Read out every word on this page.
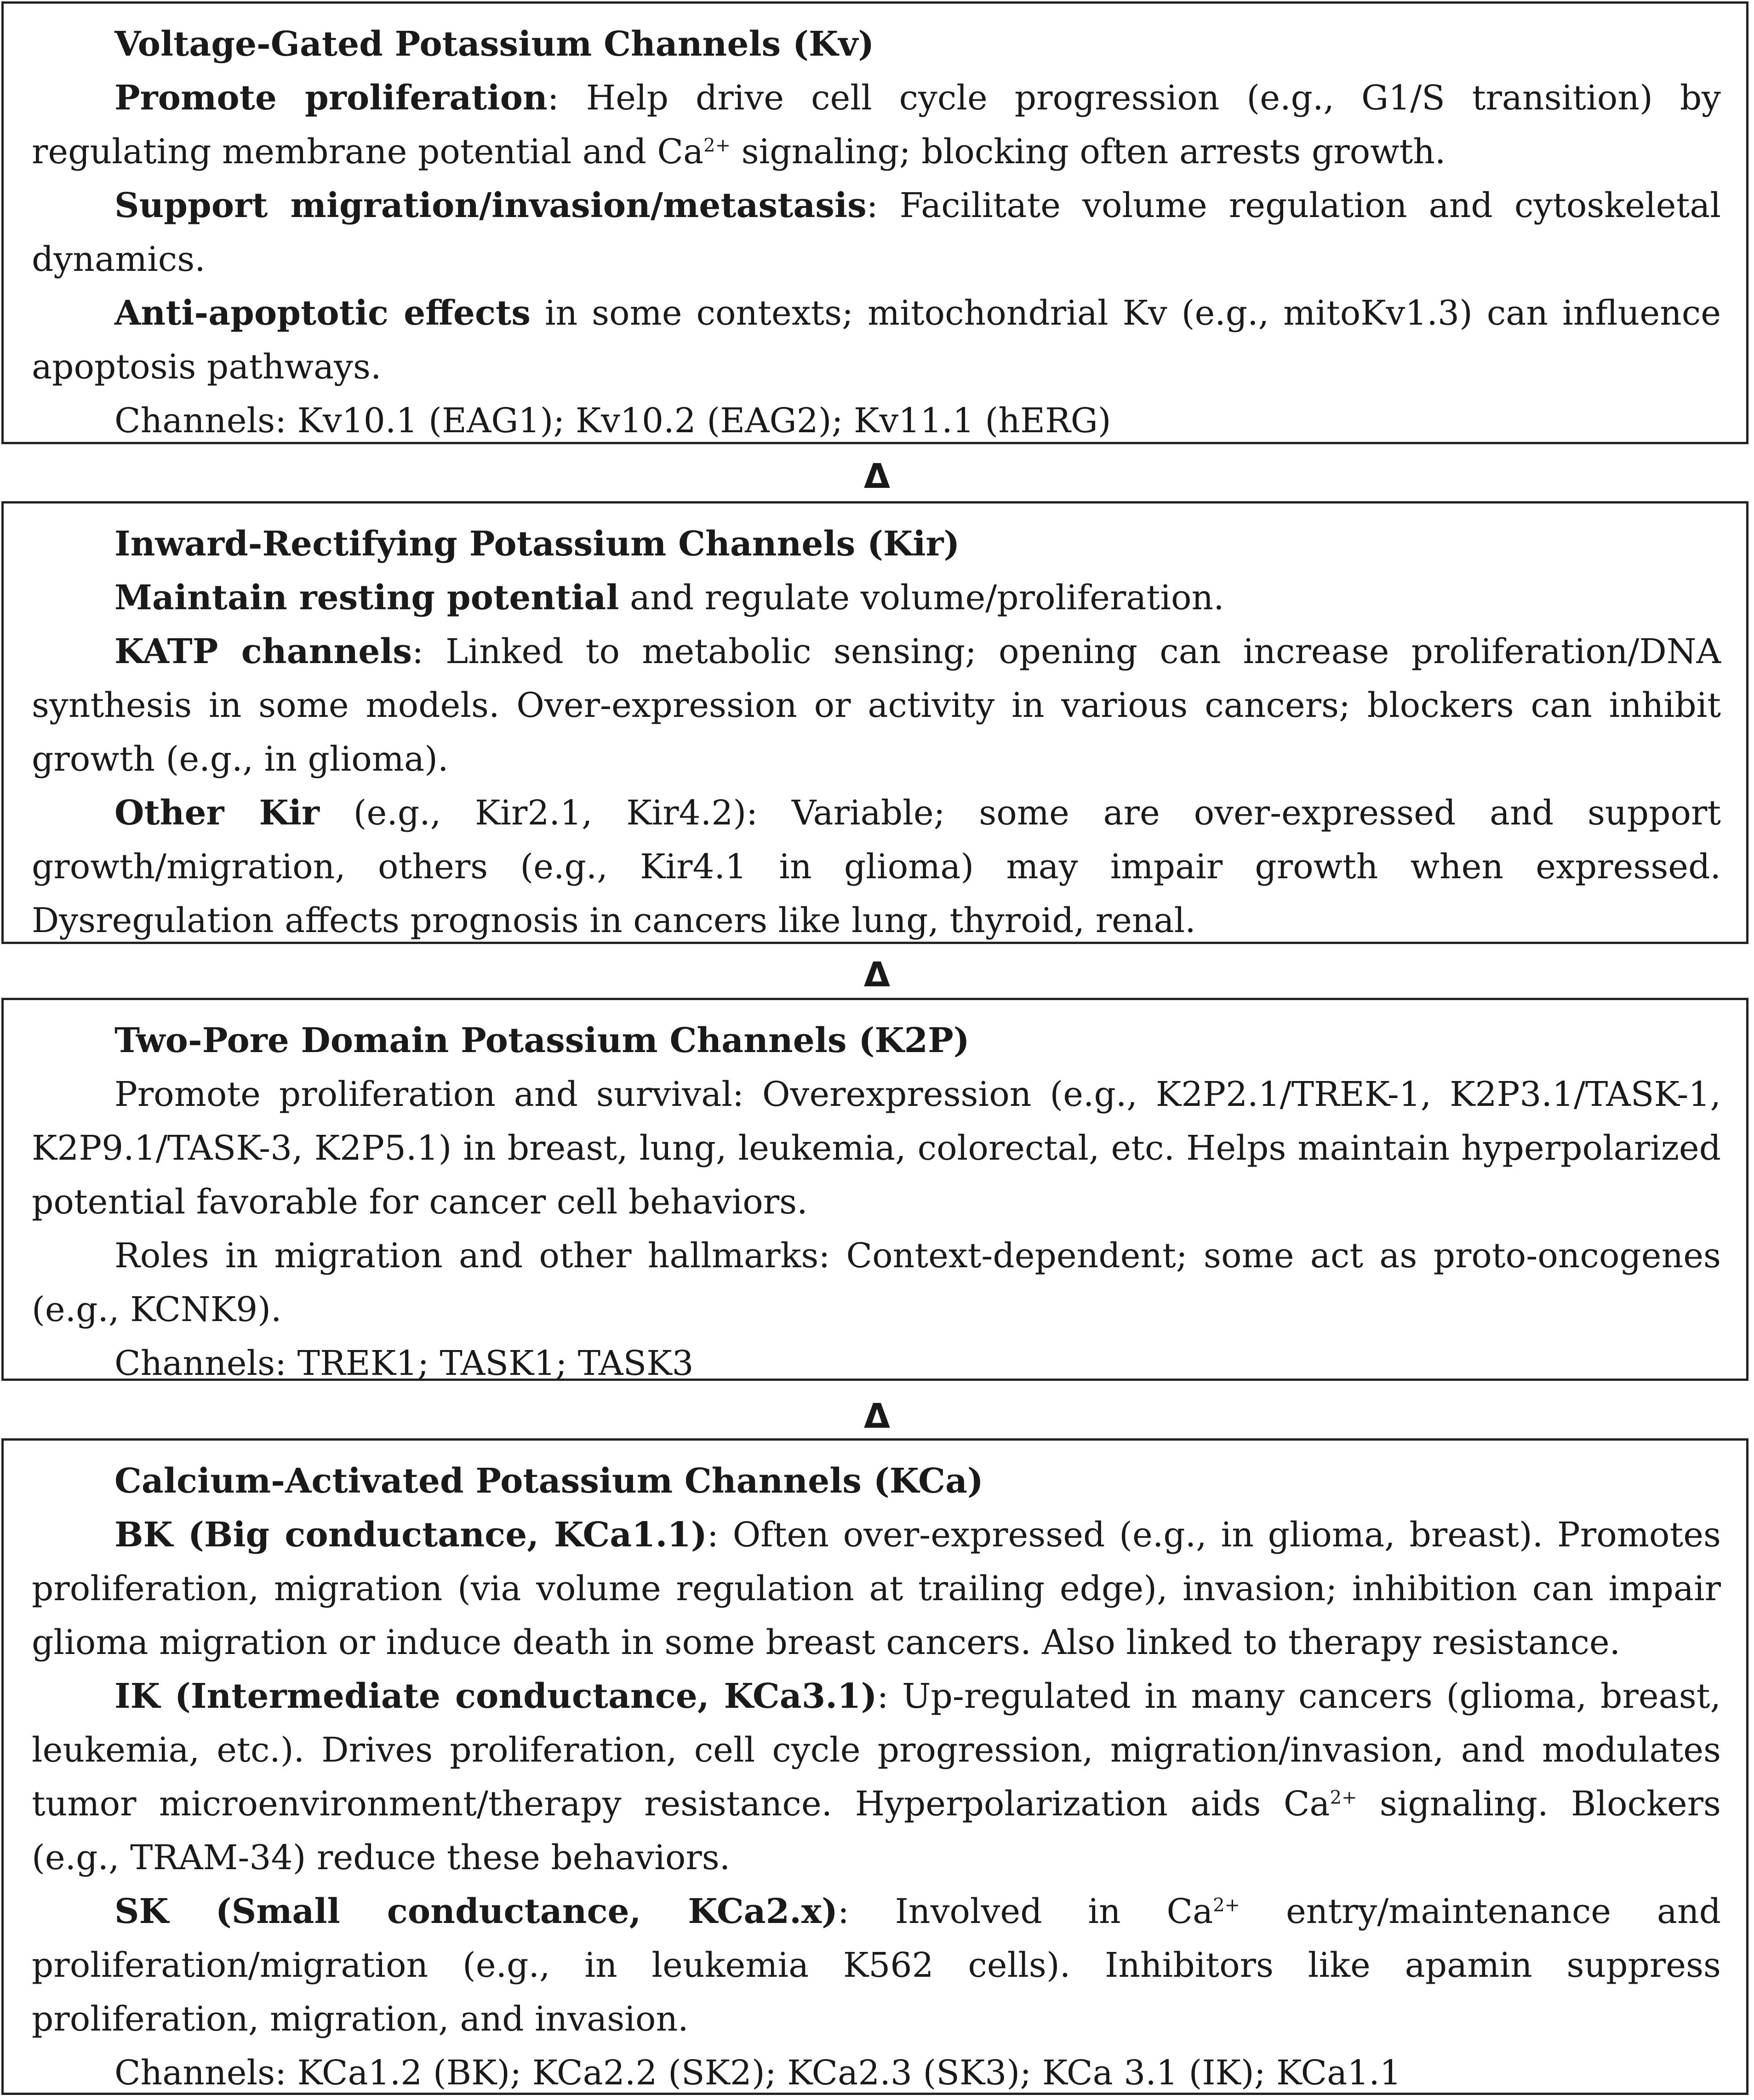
Voltage-Gated Potassium Channels (Kv)

Promote proliferation: Help drive cell cycle progression (e.g., G1/S transition) by regulating membrane potential and $Ca^{2+}$ signaling; blocking often arrests growth.

Support migration/invasion/metastasis: Facilitate volume regulation and cytoskeletal dynamics.

Anti-apoptotic effects in some contexts; mitochondrial Kv (e.g., mitoKv1.3) can influence apoptosis pathways.

Channels: Kv10.1 (EAG1); Kv10.2 (EAG2); Kv11.1 (hERG)

Δ

Inward-Rectifying Potassium Channels (Kir)

Maintain resting potential and regulate volume/proliferation.

KATP channels: Linked to metabolic sensing; opening can increase proliferation/DNA synthesis in some models. Over-expression or activity in various cancers; blockers can inhibit growth (e.g., in glioma).

Other Kir (e.g., Kir2.1, Kir4.2): Variable; some are over-expressed and support growth/migration, others (e.g., Kir4.1 in glioma) may impair growth when expressed. Dysregulation affects prognosis in cancers like lung, thyroid, renal.

Δ

Two-Pore Domain Potassium Channels (K2P)

Promote proliferation and survival: Overexpression (e.g., K2P2.1/TREK-1, K2P3.1/TASK-1, K2P9.1/TASK-3, K2P5.1) in breast, lung, leukemia, colorectal, etc. Helps maintain hyperpolarized potential favorable for cancer cell behaviors.

Roles in migration and other hallmarks: Context-dependent; some act as proto-oncogenes (e.g., KCNK9).

Channels: TREK1; TASK1; TASK3

Δ

Calcium-Activated Potassium Channels (KCa)

BK (Big conductance, KCa1.1): Often over-expressed (e.g., in glioma, breast). Promotes proliferation, migration (via volume regulation at trailing edge), invasion; inhibition can impair glioma migration or induce death in some breast cancers. Also linked to therapy resistance.

IK (Intermediate conductance, KCa3.1): Up-regulated in many cancers (glioma, breast, leukemia, etc.). Drives proliferation, cell cycle progression, migration/invasion, and modulates tumor microenvironment/therapy resistance. Hyperpolarization aids $Ca^{2+}$ signaling. Blockers (e.g., TRAM-34) reduce these behaviors.

SK (Small conductance, KCa2.x): Involved in $Ca^{2+}$ entry/maintenance and proliferation/migration (e.g., in leukemia K562 cells). Inhibitors like apamin suppress proliferation, migration, and invasion.

Channels: KCa1.2 (BK); KCa2.2 (SK2); KCa2.3 (SK3); KCa 3.1 (IK); KCa1.1
